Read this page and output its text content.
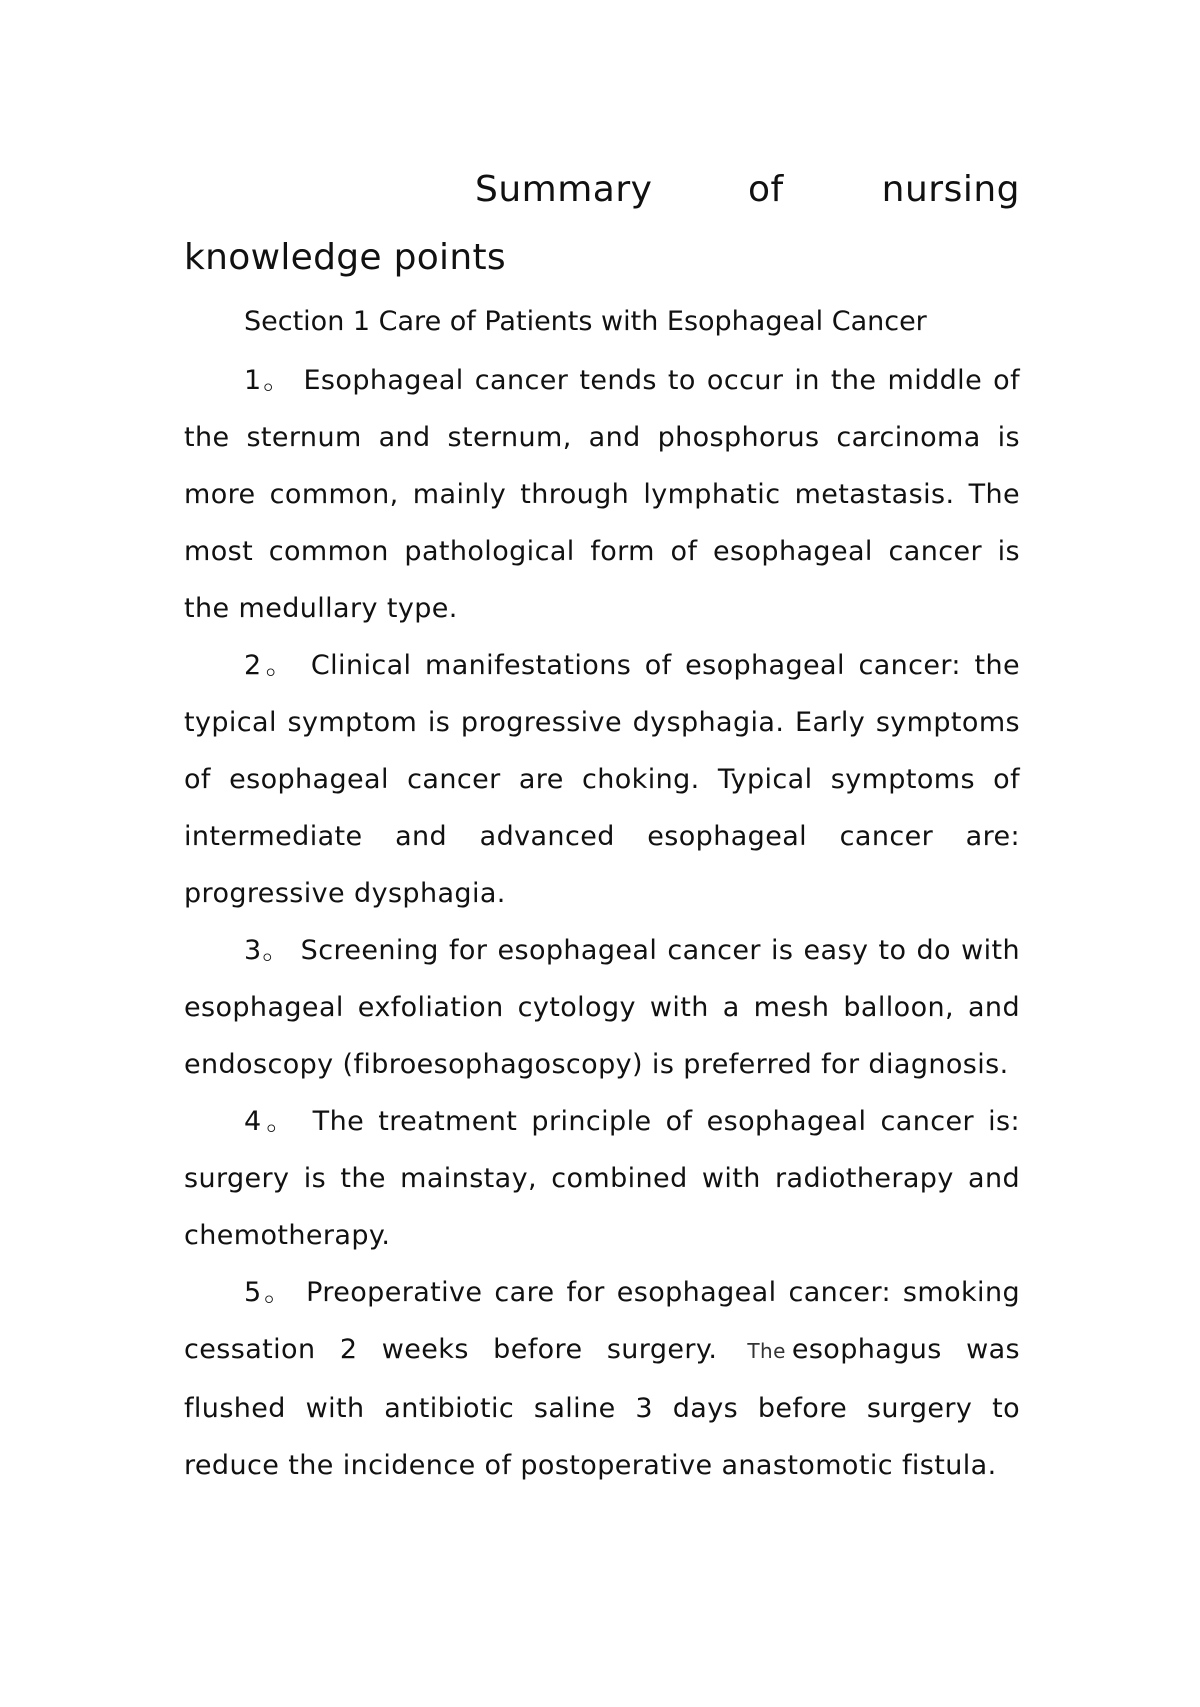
Summary	of	nursing
knowledge points
Section 1 Care of Patients with Esophageal Cancer

1。 Esophageal cancer tends to occur in the middle of the sternum and sternum, and phosphorus carcinoma is more common, mainly through lymphatic metastasis. The most common pathological form of esophageal cancer is the medullary type.

2。 Clinical manifestations of esophageal cancer: the typical symptom is progressive dysphagia. Early symptoms of esophageal cancer are choking. Typical symptoms of intermediate and advanced esophageal cancer are: progressive dysphagia.

3。 Screening for esophageal cancer is easy to do with esophageal exfoliation cytology with a mesh balloon, and endoscopy (fibroesophagoscopy) is preferred for diagnosis.

4。 The treatment principle of esophageal cancer is: surgery is the mainstay, combined with radiotherapy and chemotherapy.

5。 Preoperative care for esophageal cancer: smoking cessation 2 weeks before surgery. The esophagus was flushed with antibiotic saline 3 days before surgery to reduce the incidence of postoperative anastomotic fistula.
